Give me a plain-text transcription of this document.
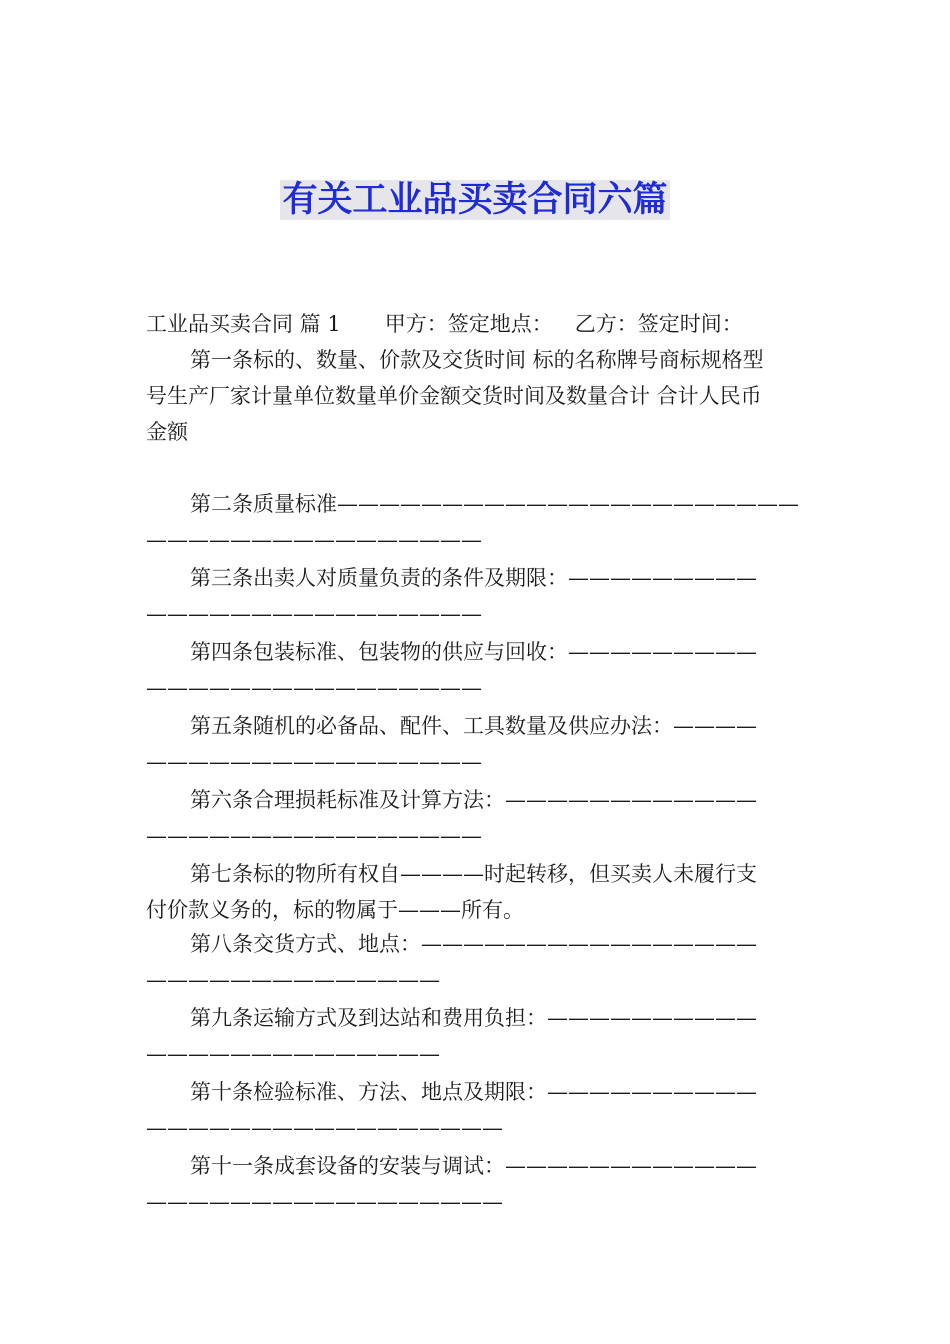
有关工业品买卖合同六篇

工业品买卖合同 篇 1 甲方：签定地点： 乙方：签定时间：

第一条标的、数量、价款及交货时间 标的名称牌号商标规格型

号生产厂家计量单位数量单价金额交货时间及数量合计 合计人民币

金额

第二条质量标准——————————————————————

————————————————

第三条出卖人对质量负责的条件及期限：—————————

————————————————

第四条包装标准、包装物的供应与回收：—————————

————————————————

第五条随机的必备品、配件、工具数量及供应办法：————

————————————————

第六条合理损耗标准及计算方法：————————————

————————————————

第七条标的物所有权自————时起转移，但买卖人未履行支

付价款义务的，标的物属于———所有。

第八条交货方式、地点：————————————————

——————————————

第九条运输方式及到达站和费用负担：——————————

——————————————

第十条检验标准、方法、地点及期限：——————————

—————————————————

第十一条成套设备的安装与调试：————————————

—————————————————
